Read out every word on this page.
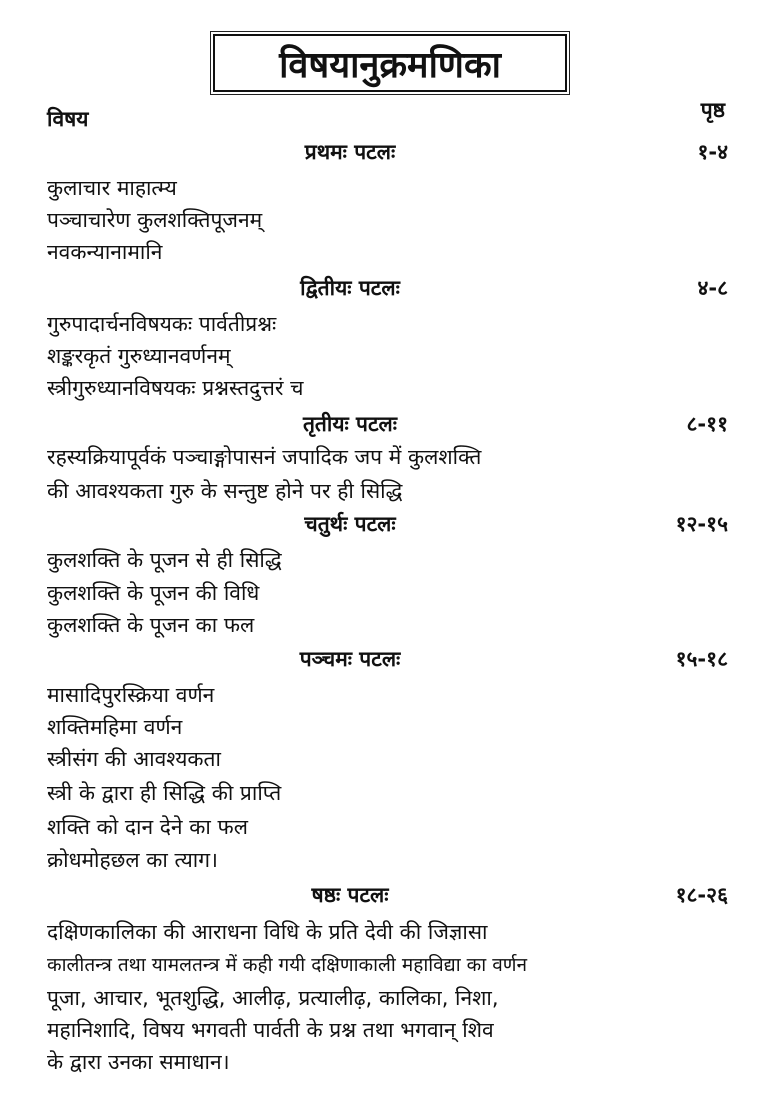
विषयानुक्रमणिका
विषय	पृष्ठ
प्रथमः पटलः	१-४
कुलाचार माहात्म्य
पञ्चाचारेण कुलशक्तिपूजनम्
नवकन्यानामानि
द्वितीयः पटलः	४-८
गुरुपादार्चनविषयकः पार्वतीप्रश्नः
शङ्करकृतं गुरुध्यानवर्णनम्
स्त्रीगुरुध्यानविषयकः प्रश्नस्तदुत्तरं च
तृतीयः पटलः	८-११
रहस्यक्रियापूर्वकं पञ्चाङ्गोपासनं जपादिक जप में कुलशक्ति
की आवश्यकता गुरु के सन्तुष्ट होने पर ही सिद्धि
चतुर्थः पटलः	१२-१५
कुलशक्ति के पूजन से ही सिद्धि
कुलशक्ति के पूजन की विधि
कुलशक्ति के पूजन का फल
पञ्चमः पटलः	१५-१८
मासादिपुरस्क्रिया वर्णन
शक्तिमहिमा वर्णन
स्त्रीसंग की आवश्यकता
स्त्री के द्वारा ही सिद्धि की प्राप्ति
शक्ति को दान देने का फल
क्रोधमोहछल का त्याग।
षष्ठः पटलः	१८-२६
दक्षिणकालिका की आराधना विधि के प्रति देवी की जिज्ञासा
कालीतन्त्र तथा यामलतन्त्र में कही गयी दक्षिणाकाली महाविद्या का वर्णन
पूजा, आचार, भूतशुद्धि, आलीढ़, प्रत्यालीढ़, कालिका, निशा,
महानिशादि, विषय भगवती पार्वती के प्रश्न तथा भगवान् शिव
के द्वारा उनका समाधान।
